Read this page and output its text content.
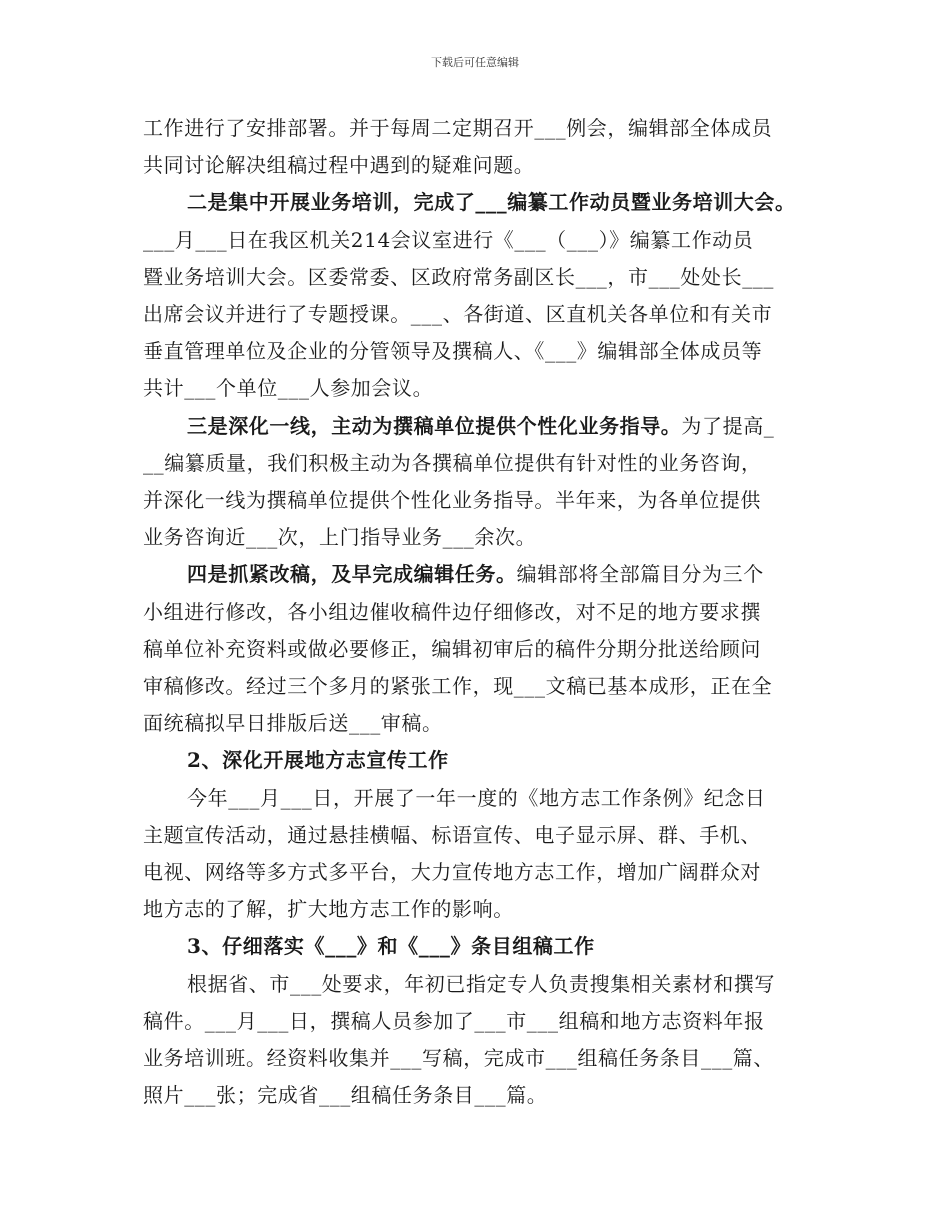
下载后可任意编辑

工作进行了安排部署。并于每周二定期召开___例会，编辑部全体成员

共同讨论解决组稿过程中遇到的疑难问题。

二是集中开展业务培训，完成了___编纂工作动员暨业务培训大会。

___月___日在我区机关214会议室进行《___（___）》编纂工作动员

暨业务培训大会。区委常委、区政府常务副区长___，市___处处长___

出席会议并进行了专题授课。___、各街道、区直机关各单位和有关市

垂直管理单位及企业的分管领导及撰稿人、《___》编辑部全体成员等

共计___个单位___人参加会议。

三是深化一线，主动为撰稿单位提供个性化业务指导。为了提高_

__编纂质量，我们积极主动为各撰稿单位提供有针对性的业务咨询，

并深化一线为撰稿单位提供个性化业务指导。半年来，为各单位提供

业务咨询近___次，上门指导业务___余次。

四是抓紧改稿，及早完成编辑任务。编辑部将全部篇目分为三个

小组进行修改，各小组边催收稿件边仔细修改，对不足的地方要求撰

稿单位补充资料或做必要修正，编辑初审后的稿件分期分批送给顾问

审稿修改。经过三个多月的紧张工作，现___文稿已基本成形，正在全

面统稿拟早日排版后送___审稿。

2、深化开展地方志宣传工作

今年___月___日，开展了一年一度的《地方志工作条例》纪念日

主题宣传活动，通过悬挂横幅、标语宣传、电子显示屏、群、手机、

电视、网络等多方式多平台，大力宣传地方志工作，增加广阔群众对

地方志的了解，扩大地方志工作的影响。

3、仔细落实《___》和《___》条目组稿工作

根据省、市___处要求，年初已指定专人负责搜集相关素材和撰写

稿件。___月___日，撰稿人员参加了___市___组稿和地方志资料年报

业务培训班。经资料收集并___写稿，完成市___组稿任务条目___篇、

照片___张；完成省___组稿任务条目___篇。
